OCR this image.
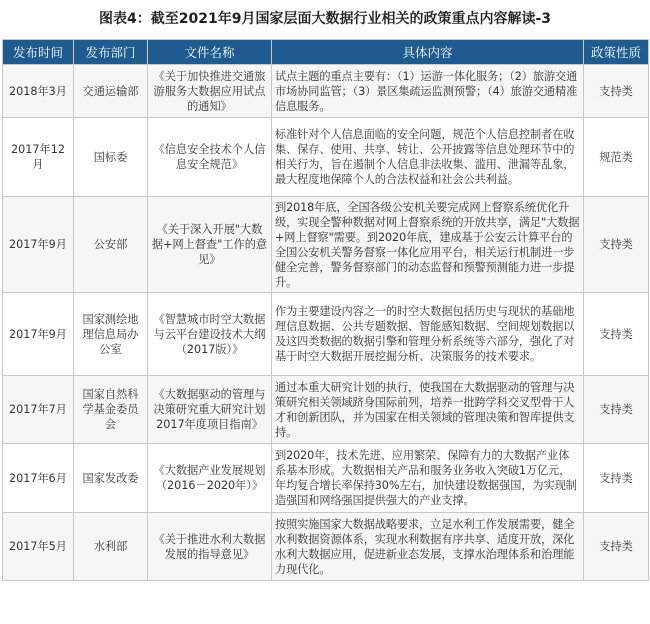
图表4：截至2021年9月国家层面大数据行业相关的政策重点内容解读-3
发布时间	发布部门	文件名称	具体内容	政策性质
2018年3月	交通运输部	《关于加快推进交通旅游服务大数据应用试点的通知》	试点主题的重点主要有：（1）运游一体化服务；（2）旅游交通市场协同监管；（3）景区集疏运监测预警；（4）旅游交通精准信息服务。	支持类
2017年12月	国标委	《信息安全技术个人信息安全规范》	标准针对个人信息面临的安全问题，规范个人信息控制者在收集、保存、使用、共享、转让、公开披露等信息处理环节中的相关行为，旨在遏制个人信息非法收集、滥用、泄漏等乱象，最大程度地保障个人的合法权益和社会公共利益。	规范类
2017年9月	公安部	《关于深入开展"大数据+网上督查"工作的意见》	到2018年底，全国各级公安机关要完成网上督察系统优化升级，实现全警种数据对网上督察系统的开放共享，满足"大数据+网上督察"需要。到2020年底，建成基于公安云计算平台的全国公安机关警务督察一体化应用平台，相关运行机制进一步健全完善，警务督察部门的动态监督和预警预测能力进一步提升。	支持类
2017年9月	国家测绘地理信息局办公室	《智慧城市时空大数据与云平台建设技术大纲（2017版）》	作为主要建设内容之一的时空大数据包括历史与现状的基础地理信息数据、公共专题数据、智能感知数据、空间规划数据以及这四类数据的数据引擎和管理分析系统等六部分，强化了对基于时空大数据开展挖掘分析、决策服务的技术要求。	支持类
2017年7月	国家自然科学基金委员会	《大数据驱动的管理与决策研究重大研究计划2017年度项目指南》	通过本重大研究计划的执行，使我国在大数据驱动的管理与决策研究相关领域跻身国际前列，培养一批跨学科交叉型骨干人才和创新团队，并为国家在相关领域的管理决策和智库提供支持。	支持类
2017年6月	国家发改委	《大数据产业发展规划（2016－2020年）》	到2020年，技术先进、应用繁荣、保障有力的大数据产业体系基本形成。大数据相关产品和服务业务收入突破1万亿元，年均复合增长率保持30%左右，加快建设数据强国，为实现制造强国和网络强国提供强大的产业支撑。	支持类
2017年5月	水利部	《关于推进水利大数据发展的指导意见》	按照实施国家大数据战略要求，立足水利工作发展需要，健全水利数据资源体系，实现水利数据有序共享、适度开放，深化水利大数据应用，促进新业态发展，支撑水治理体系和治理能力现代化。	支持类
